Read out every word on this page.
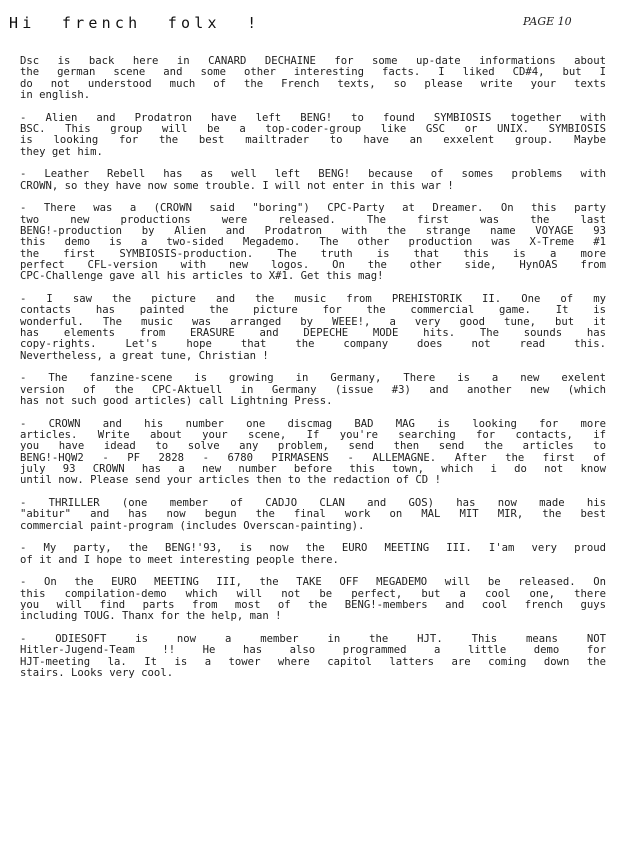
Hi  french  folx  !	PAGE 10
Dsc is back here in CANARD DECHAINE for some up-date informations about
the german scene and some other interesting facts. I liked CD#4, but I
do not understood much of the French texts, so please write your texts
in english.
- Alien and Prodatron have left BENG! to found SYMBIOSIS together with
BSC. This group will be a top-coder-group like GSC or UNIX. SYMBIOSIS
is looking for the best mailtrader to have an exxelent group. Maybe
they get him.
- Leather Rebell has as well left BENG! because of somes problems with
CROWN, so they have now some trouble. I will not enter in this war !
- There was a (CROWN said "boring") CPC-Party at Dreamer. On this party
two new productions were released. The first was the last
BENG!-production by Alien and Prodatron with the strange name VOYAGE 93
this demo is a two-sided Megademo. The other production was X-Treme #1
the first SYMBIOSIS-production. The truth is that this is a more
perfect CFL-version with new logos. On the other side, HynOAS from
CPC-Challenge gave all his articles to X#1. Get this mag!
- I saw the picture and the music from PREHISTORIK II. One of my
contacts has painted the picture for the commercial game. It is
wonderful. The music was arranged by WEEE!, a very good tune, but it
has elements from ERASURE and DEPECHE MODE hits. The sounds has
copy-rights. Let's hope that the company does not read this.
Nevertheless, a great tune, Christian !
- The fanzine-scene is growing in Germany, There is a new exelent
version of the CPC-Aktuell in Germany (issue #3) and another new (which
has not such good articles) call Lightning Press.
- CROWN and his number one discmag BAD MAG is looking for more
articles. Write about your scene, If you're searching for contacts, if
you have idead to solve any problem, send then send the articles to
BENG!-HQW2 - PF 2828 - 6780 PIRMASENS - ALLEMAGNE. After the first of
july 93 CROWN has a new number before this town, which i do not know
until now. Please send your articles then to the redaction of CD !
- THRILLER (one member of CADJO CLAN and GOS) has now made his
"abitur" and has now begun the final work on MAL MIT MIR, the best
commercial paint-program (includes Overscan-painting).
- My party, the BENG!'93, is now the EURO MEETING III. I'am very proud
of it and I hope to meet interesting people there.
- On the EURO MEETING III, the TAKE OFF MEGADEMO will be released. On
this compilation-demo which will not be perfect, but a cool one, there
you will find parts from most of the BENG!-members and cool french guys
including TOUG. Thanx for the help, man !
- ODIESOFT is now a member in the HJT. This means NOT
Hitler-Jugend-Team !! He has also programmed a little demo for
HJT-meeting la. It is a tower where capitol latters are coming down the
stairs. Looks very cool.
